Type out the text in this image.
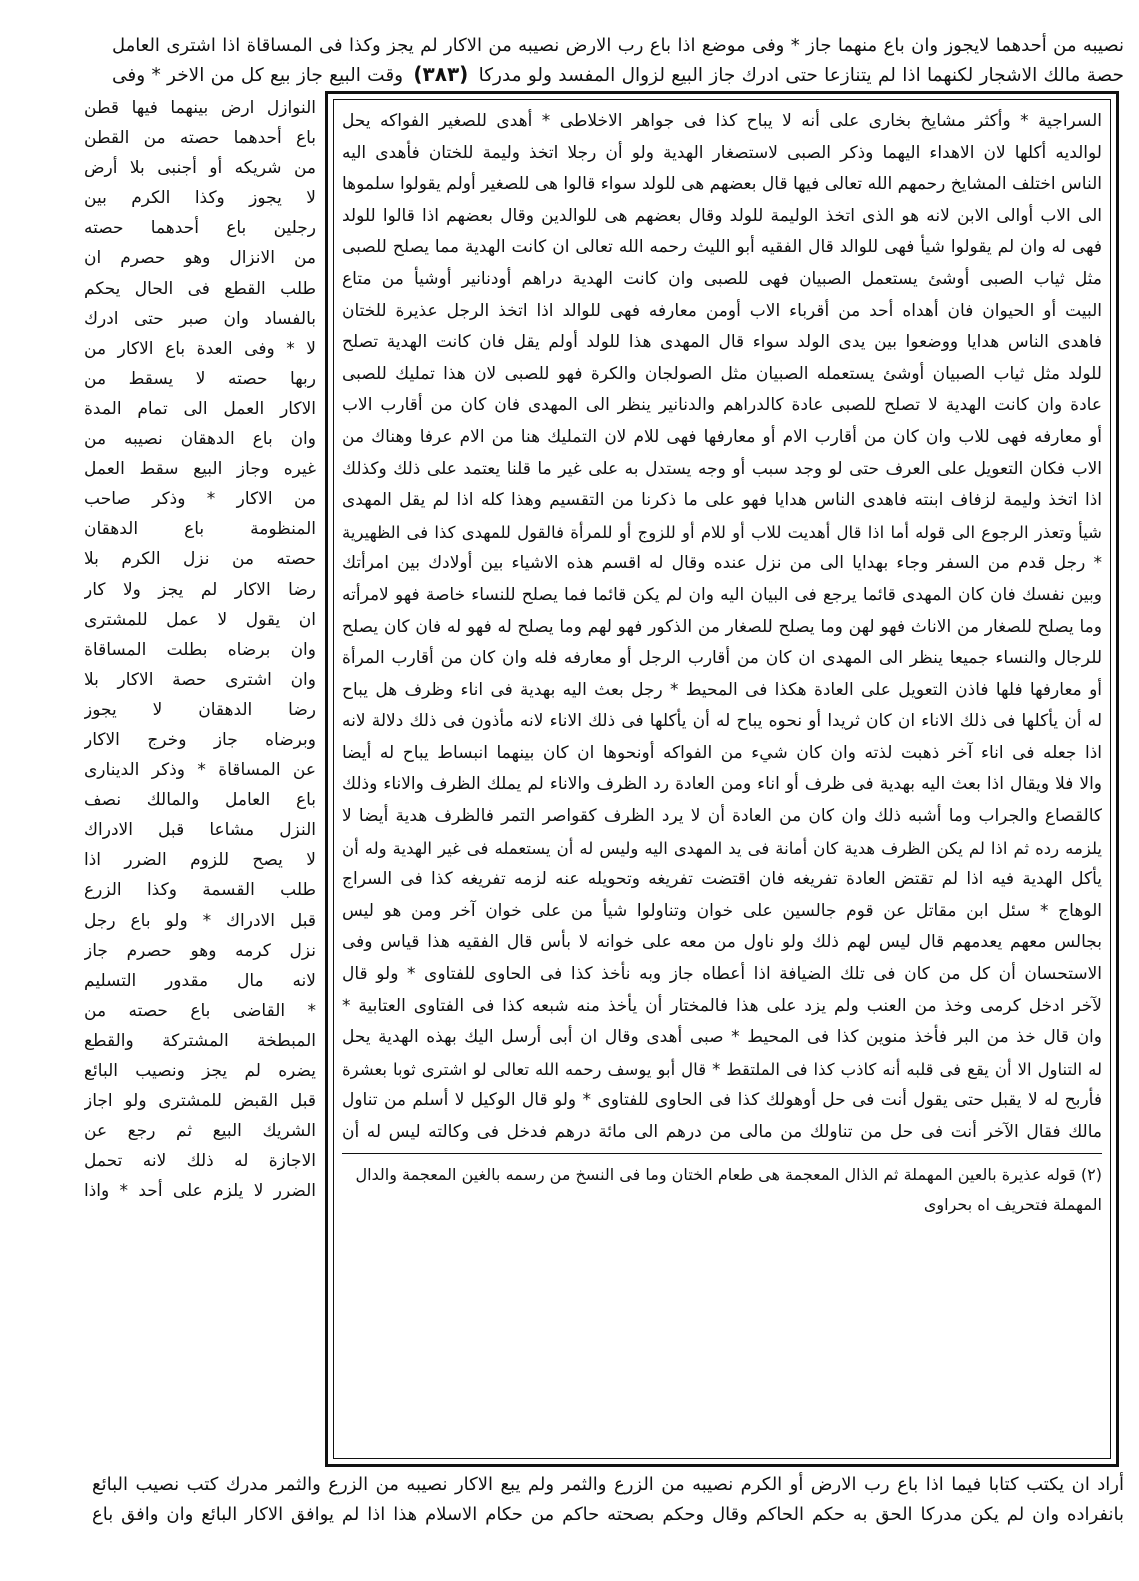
نصيبه من أحدهما لايجوز وان باع منهما جاز * وفى موضع اذا باع رب الارض نصيبه من الاكار لم يجز وكذا فى المساقاة اذا اشترى العامل
حصة مالك الاشجار لكنهما اذا لم يتنازعا حتى ادرك جاز البيع لزوال المفسد ولو مدركا (٣٨٣) وقت البيع جاز بيع كل من الاخر * وفى
النوازل ارض بينهما فيها قطن
باع أحدهما حصته من القطن
من شريكه أو أجنبى بلا أرض
لا يجوز وكذا الكرم بين
رجلين باع أحدهما حصته
من الانزال وهو حصرم ان
طلب القطع فى الحال يحكم
بالفساد وان صبر حتى ادرك
لا * وفى العدة باع الاكار من
ربها حصته لا يسقط من
الاكار العمل الى تمام المدة
وان باع الدهقان نصيبه من
غيره وجاز البيع سقط العمل
من الاكار * وذكر صاحب
المنظومة باع الدهقان
حصته من نزل الكرم بلا
رضا الاكار لم يجز ولا كار
ان يقول لا عمل للمشترى
وان برضاه بطلت المساقاة
وان اشترى حصة الاكار بلا
رضا الدهقان لا يجوز
وبرضاه جاز وخرج الاكار
عن المساقاة * وذكر الدينارى
باع العامل والمالك نصف
النزل مشاعا قبل الادراك
لا يصح للزوم الضرر اذا
طلب القسمة وكذا الزرع
قبل الادراك * ولو باع رجل
نزل كرمه وهو حصرم جاز
لانه مال مقدور التسليم
* القاضى باع حصته من
المبطخة المشتركة والقطع
يضره لم يجز ونصيب البائع
قبل القبض للمشترى ولو اجاز
الشريك البيع ثم رجع عن
الاجازة له ذلك لانه تحمل
الضرر لا يلزم على أحد * واذا
السراجية * وأكثر مشايخ بخارى على أنه لا يباح كذا فى جواهر الاخلاطى * أهدى للصغير الفواكه يحل
لوالديه أكلها لان الاهداء اليهما وذكر الصبى لاستصغار الهدية ولو أن رجلا اتخذ وليمة للختان فأهدى اليه
الناس اختلف المشايخ رحمهم الله تعالى فيها قال بعضهم هى للولد سواء قالوا هى للصغير أولم يقولوا سلموها
الى الاب أوالى الابن لانه هو الذى اتخذ الوليمة للولد وقال بعضهم هى للوالدين وقال بعضهم اذا قالوا للولد
فهى له وان لم يقولوا شيأ فهى للوالد قال الفقيه أبو الليث رحمه الله تعالى ان كانت الهدية مما يصلح للصبى
مثل ثياب الصبى أوشئ يستعمل الصبيان فهى للصبى وان كانت الهدية دراهم أودنانير أوشيأ من متاع
البيت أو الحيوان فان أهداه أحد من أقرباء الاب أومن معارفه فهى للوالد اذا اتخذ الرجل عذيرة للختان
فاهدى الناس هدايا ووضعوا بين يدى الولد سواء قال المهدى هذا للولد أولم يقل فان كانت الهدية تصلح
للولد مثل ثياب الصبيان أوشئ يستعمله الصبيان مثل الصولجان والكرة فهو للصبى لان هذا تمليك للصبى
عادة وان كانت الهدية لا تصلح للصبى عادة كالدراهم والدنانير ينظر الى المهدى فان كان من أقارب الاب
أو معارفه فهى للاب وان كان من أقارب الام أو معارفها فهى للام لان التمليك هنا من الام عرفا وهناك من
الاب فكان التعويل على العرف حتى لو وجد سبب أو وجه يستدل به على غير ما قلنا يعتمد على ذلك وكذلك
اذا اتخذ وليمة لزفاف ابنته فاهدى الناس هدايا فهو على ما ذكرنا من التقسيم وهذا كله اذا لم يقل المهدى
شيأ وتعذر الرجوع الى قوله أما اذا قال أهديت للاب أو للام أو للزوج أو للمرأة فالقول للمهدى كذا فى الظهيرية
* رجل قدم من السفر وجاء بهدايا الى من نزل عنده وقال له اقسم هذه الاشياء بين أولادك بين امرأتك
وبين نفسك فان كان المهدى قائما يرجع فى البيان اليه وان لم يكن قائما فما يصلح للنساء خاصة فهو لامرأته
وما يصلح للصغار من الاناث فهو لهن وما يصلح للصغار من الذكور فهو لهم وما يصلح له فهو له فان كان يصلح
للرجال والنساء جميعا ينظر الى المهدى ان كان من أقارب الرجل أو معارفه فله وان كان من أقارب المرأة
أو معارفها فلها فاذن التعويل على العادة هكذا فى المحيط * رجل بعث اليه بهدية فى اناء وظرف هل يباح
له أن يأكلها فى ذلك الاناء ان كان ثريدا أو نحوه يباح له أن يأكلها فى ذلك الاناء لانه مأذون فى ذلك دلالة لانه
اذا جعله فى اناء آخر ذهبت لذته وان كان شيء من الفواكه أونحوها ان كان بينهما انبساط يباح له أيضا
والا فلا ويقال اذا بعث اليه بهدية فى ظرف أو اناء ومن العادة رد الظرف والاناء لم يملك الظرف والاناء وذلك
كالقصاع والجراب وما أشبه ذلك وان كان من العادة أن لا يرد الظرف كقواصر التمر فالظرف هدية أيضا لا
يلزمه رده ثم اذا لم يكن الظرف هدية كان أمانة فى يد المهدى اليه وليس له أن يستعمله فى غير الهدية وله أن
يأكل الهدية فيه اذا لم تقتض العادة تفريغه فان اقتضت تفريغه وتحويله عنه لزمه تفريغه كذا فى السراج
الوهاج * سئل ابن مقاتل عن قوم جالسين على خوان وتناولوا شيأ من على خوان آخر ومن هو ليس
بجالس معهم يعدمهم قال ليس لهم ذلك ولو ناول من معه على خوانه لا بأس قال الفقيه هذا قياس وفى
الاستحسان أن كل من كان فى تلك الضيافة اذا أعطاه جاز وبه نأخذ كذا فى الحاوى للفتاوى * ولو قال
لآخر ادخل كرمى وخذ من العنب ولم يزد على هذا فالمختار أن يأخذ منه شبعه كذا فى الفتاوى العتابية *
وان قال خذ من البر فأخذ منوين كذا فى المحيط * صبى أهدى وقال ان أبى أرسل اليك بهذه الهدية يحل
له التناول الا أن يقع فى قلبه أنه كاذب كذا فى الملتقط * قال أبو يوسف رحمه الله تعالى لو اشترى ثوبا بعشرة
فأربح له لا يقبل حتى يقول أنت فى حل أوهولك كذا فى الحاوى للفتاوى * ولو قال الوكيل لا أسلم من تناول
مالك فقال الآخر أنت فى حل من تناولك من مالى من درهم الى مائة درهم فدخل فى وكالته ليس له أن
(٢) قوله عذيرة بالعين المهملة ثم الذال المعجمة هى طعام الختان وما فى النسخ من رسمه بالغين المعجمة والدال
المهملة فتحريف اه بحراوى
أراد ان يكتب كتابا فيما اذا باع رب الارض أو الكرم نصيبه من الزرع والثمر ولم يبع الاكار نصيبه من الزرع والثمر مدرك كتب نصيب البائع
بانفراده وان لم يكن مدركا الحق به حكم الحاكم وقال وحكم بصحته حاكم من حكام الاسلام هذا اذا لم يوافق الاكار البائع وان وافق باع
